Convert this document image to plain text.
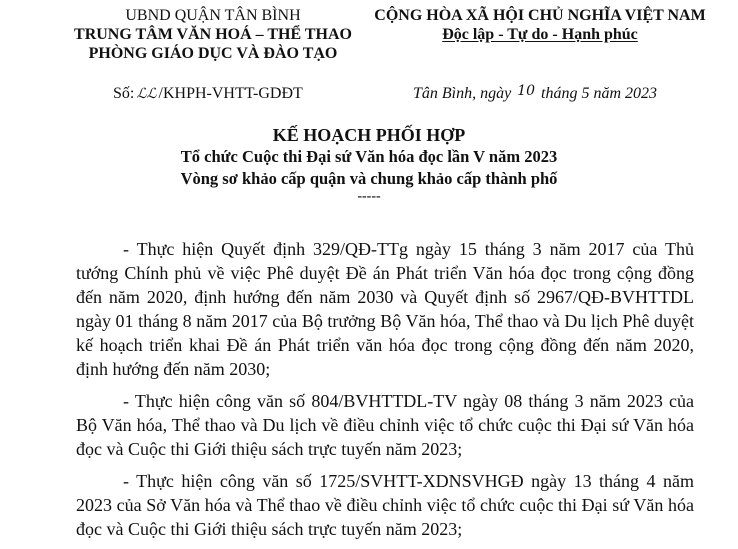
UBND QUẬN TÂN BÌNH
TRUNG TÂM VĂN HOÁ – THỂ THAO
PHÒNG GIÁO DỤC VÀ ĐÀO TẠO
CỘNG HÒA XÃ HỘI CHỦ NGHĨA VIỆT NAM
Độc lập - Tự do - Hạnh phúc
Số: ℒℒ /KHPH-VHTT-GDĐT	Tân Bình, ngày 10 tháng 5 năm 2023
KẾ HOẠCH PHỐI HỢP
Tổ chức Cuộc thi Đại sứ Văn hóa đọc lần V năm 2023
Vòng sơ khảo cấp quận và chung khảo cấp thành phố
-----

- Thực hiện Quyết định 329/QĐ-TTg ngày 15 tháng 3 năm 2017 của Thủ tướng Chính phủ về việc Phê duyệt Đề án Phát triển Văn hóa đọc trong cộng đồng đến năm 2020, định hướng đến năm 2030 và Quyết định số 2967/QĐ-BVHTTDL ngày 01 tháng 8 năm 2017 của Bộ trưởng Bộ Văn hóa, Thể thao và Du lịch Phê duyệt kế hoạch triển khai Đề án Phát triển văn hóa đọc trong cộng đồng đến năm 2020, định hướng đến năm 2030;

- Thực hiện công văn số 804/BVHTTDL-TV ngày 08 tháng 3 năm 2023 của Bộ Văn hóa, Thể thao và Du lịch về điều chỉnh việc tổ chức cuộc thi Đại sứ Văn hóa đọc và Cuộc thi Giới thiệu sách trực tuyến năm 2023;

- Thực hiện công văn số 1725/SVHTT-XDNSVHGĐ ngày 13 tháng 4 năm 2023 của Sở Văn hóa và Thể thao về điều chỉnh việc tổ chức cuộc thi Đại sứ Văn hóa đọc và Cuộc thi Giới thiệu sách trực tuyến năm 2023;
